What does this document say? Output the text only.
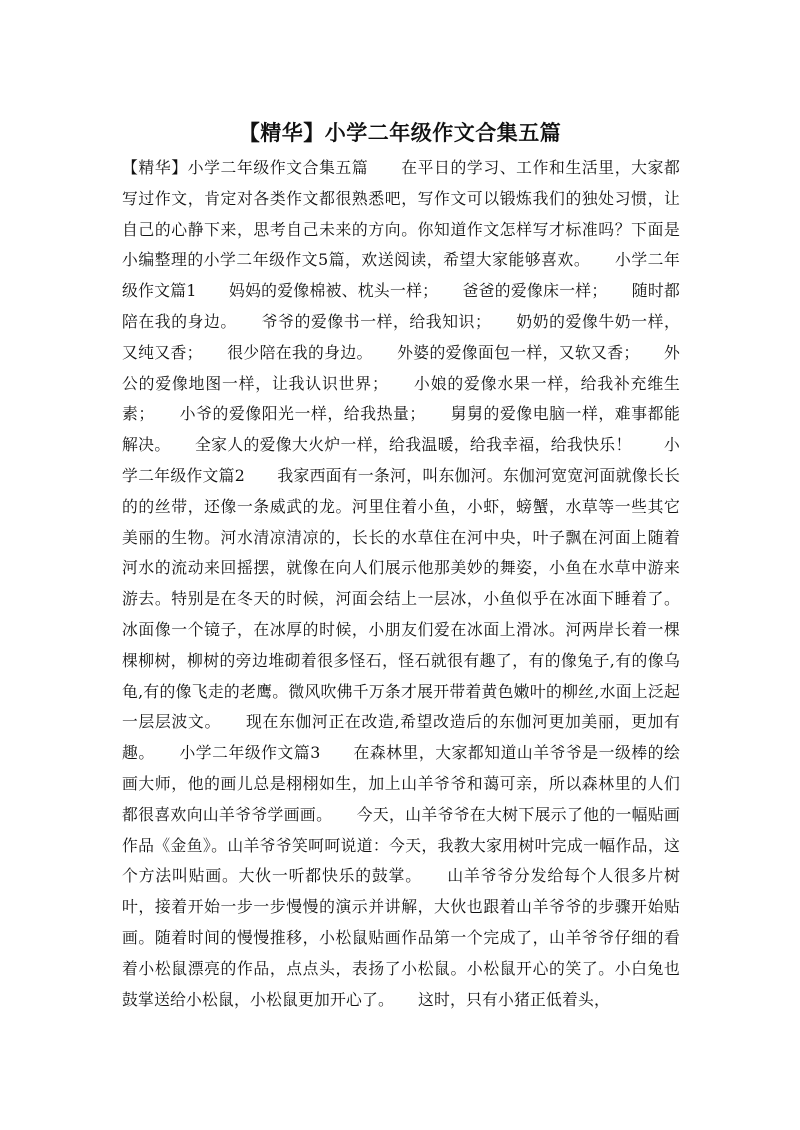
【精华】小学二年级作文合集五篇
【精华】小学二年级作文合集五篇　　在平日的学习、工作和生活里，大家都写过作文，肯定对各类作文都很熟悉吧，写作文可以锻炼我们的独处习惯，让自己的心静下来，思考自己未来的方向。你知道作文怎样写才标准吗？下面是小编整理的小学二年级作文5篇，欢送阅读，希望大家能够喜欢。　　小学二年级作文篇1　　妈妈的爱像棉被、枕头一样；　　爸爸的爱像床一样；　　随时都陪在我的身边。　　爷爷的爱像书一样，给我知识；　　奶奶的爱像牛奶一样，又纯又香；　　很少陪在我的身边。　　外婆的爱像面包一样，又软又香；　　外公的爱像地图一样，让我认识世界；　　小娘的爱像水果一样，给我补充维生素；　　小爷的爱像阳光一样，给我热量；　　舅舅的爱像电脑一样，难事都能解决。　　全家人的爱像大火炉一样，给我温暖，给我幸福，给我快乐！　　小学二年级作文篇2　　我家西面有一条河，叫东伽河。东伽河宽宽河面就像长长的的丝带，还像一条威武的龙。河里住着小鱼，小虾，螃蟹，水草等一些其它美丽的生物。河水清凉清凉的，长长的水草住在河中央，叶子飘在河面上随着河水的流动来回摇摆，就像在向人们展示他那美妙的舞姿，小鱼在水草中游来游去。特别是在冬天的时候，河面会结上一层冰，小鱼似乎在冰面下睡着了。冰面像一个镜子，在冰厚的时候，小朋友们爱在冰面上滑冰。河两岸长着一棵棵柳树，柳树的旁边堆砌着很多怪石，怪石就很有趣了，有的像兔子,有的像乌龟,有的像飞走的老鹰。微风吹佛千万条才展开带着黄色嫩叶的柳丝,水面上泛起一层层波文。　　现在东伽河正在改造,希望改造后的东伽河更加美丽，更加有趣。　　小学二年级作文篇3　　在森林里，大家都知道山羊爷爷是一级棒的绘画大师，他的画儿总是栩栩如生，加上山羊爷爷和蔼可亲，所以森林里的人们都很喜欢向山羊爷爷学画画。　　今天，山羊爷爷在大树下展示了他的一幅贴画作品《金鱼》。山羊爷爷笑呵呵说道：今天，我教大家用树叶完成一幅作品，这个方法叫贴画。大伙一听都快乐的鼓掌。　　山羊爷爷分发给每个人很多片树叶，接着开始一步一步慢慢的演示并讲解，大伙也跟着山羊爷爷的步骤开始贴画。随着时间的慢慢推移，小松鼠贴画作品第一个完成了，山羊爷爷仔细的看着小松鼠漂亮的作品，点点头，表扬了小松鼠。小松鼠开心的笑了。小白兔也鼓掌送给小松鼠，小松鼠更加开心了。　　这时，只有小猪正低着头，
